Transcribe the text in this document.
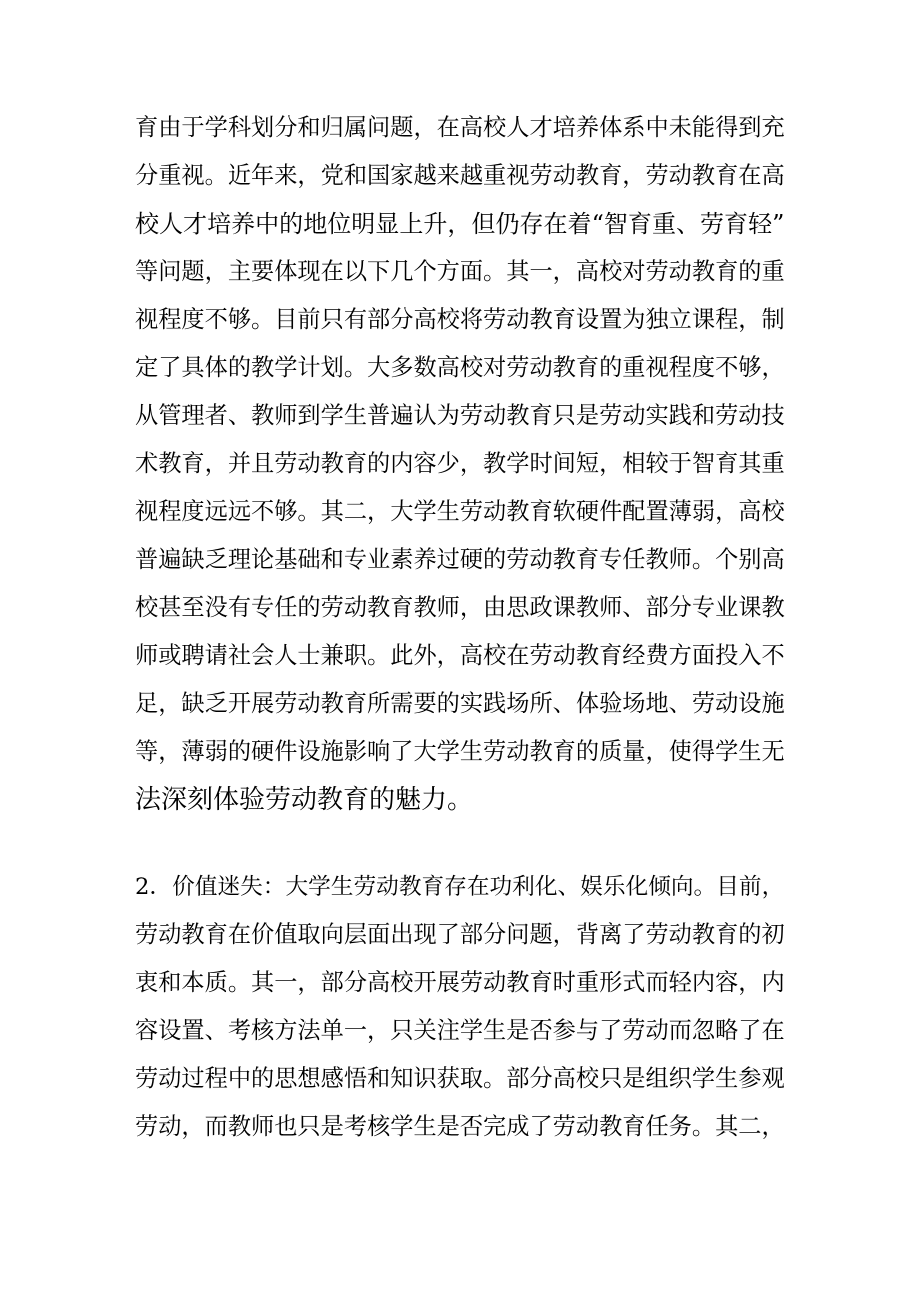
育由于学科划分和归属问题，在高校人才培养体系中未能得到充
分重视。近年来，党和国家越来越重视劳动教育，劳动教育在高
校人才培养中的地位明显上升，但仍存在着“智育重、劳育轻”
等问题，主要体现在以下几个方面。其一，高校对劳动教育的重
视程度不够。目前只有部分高校将劳动教育设置为独立课程，制
定了具体的教学计划。大多数高校对劳动教育的重视程度不够，
从管理者、教师到学生普遍认为劳动教育只是劳动实践和劳动技
术教育，并且劳动教育的内容少，教学时间短，相较于智育其重
视程度远远不够。其二，大学生劳动教育软硬件配置薄弱，高校
普遍缺乏理论基础和专业素养过硬的劳动教育专任教师。个别高
校甚至没有专任的劳动教育教师，由思政课教师、部分专业课教
师或聘请社会人士兼职。此外，高校在劳动教育经费方面投入不
足，缺乏开展劳动教育所需要的实践场所、体验场地、劳动设施
等，薄弱的硬件设施影响了大学生劳动教育的质量，使得学生无
法深刻体验劳动教育的魅力。
2．价值迷失：大学生劳动教育存在功利化、娱乐化倾向。目前，
劳动教育在价值取向层面出现了部分问题，背离了劳动教育的初
衷和本质。其一，部分高校开展劳动教育时重形式而轻内容，内
容设置、考核方法单一，只关注学生是否参与了劳动而忽略了在
劳动过程中的思想感悟和知识获取。部分高校只是组织学生参观
劳动，而教师也只是考核学生是否完成了劳动教育任务。其二，
